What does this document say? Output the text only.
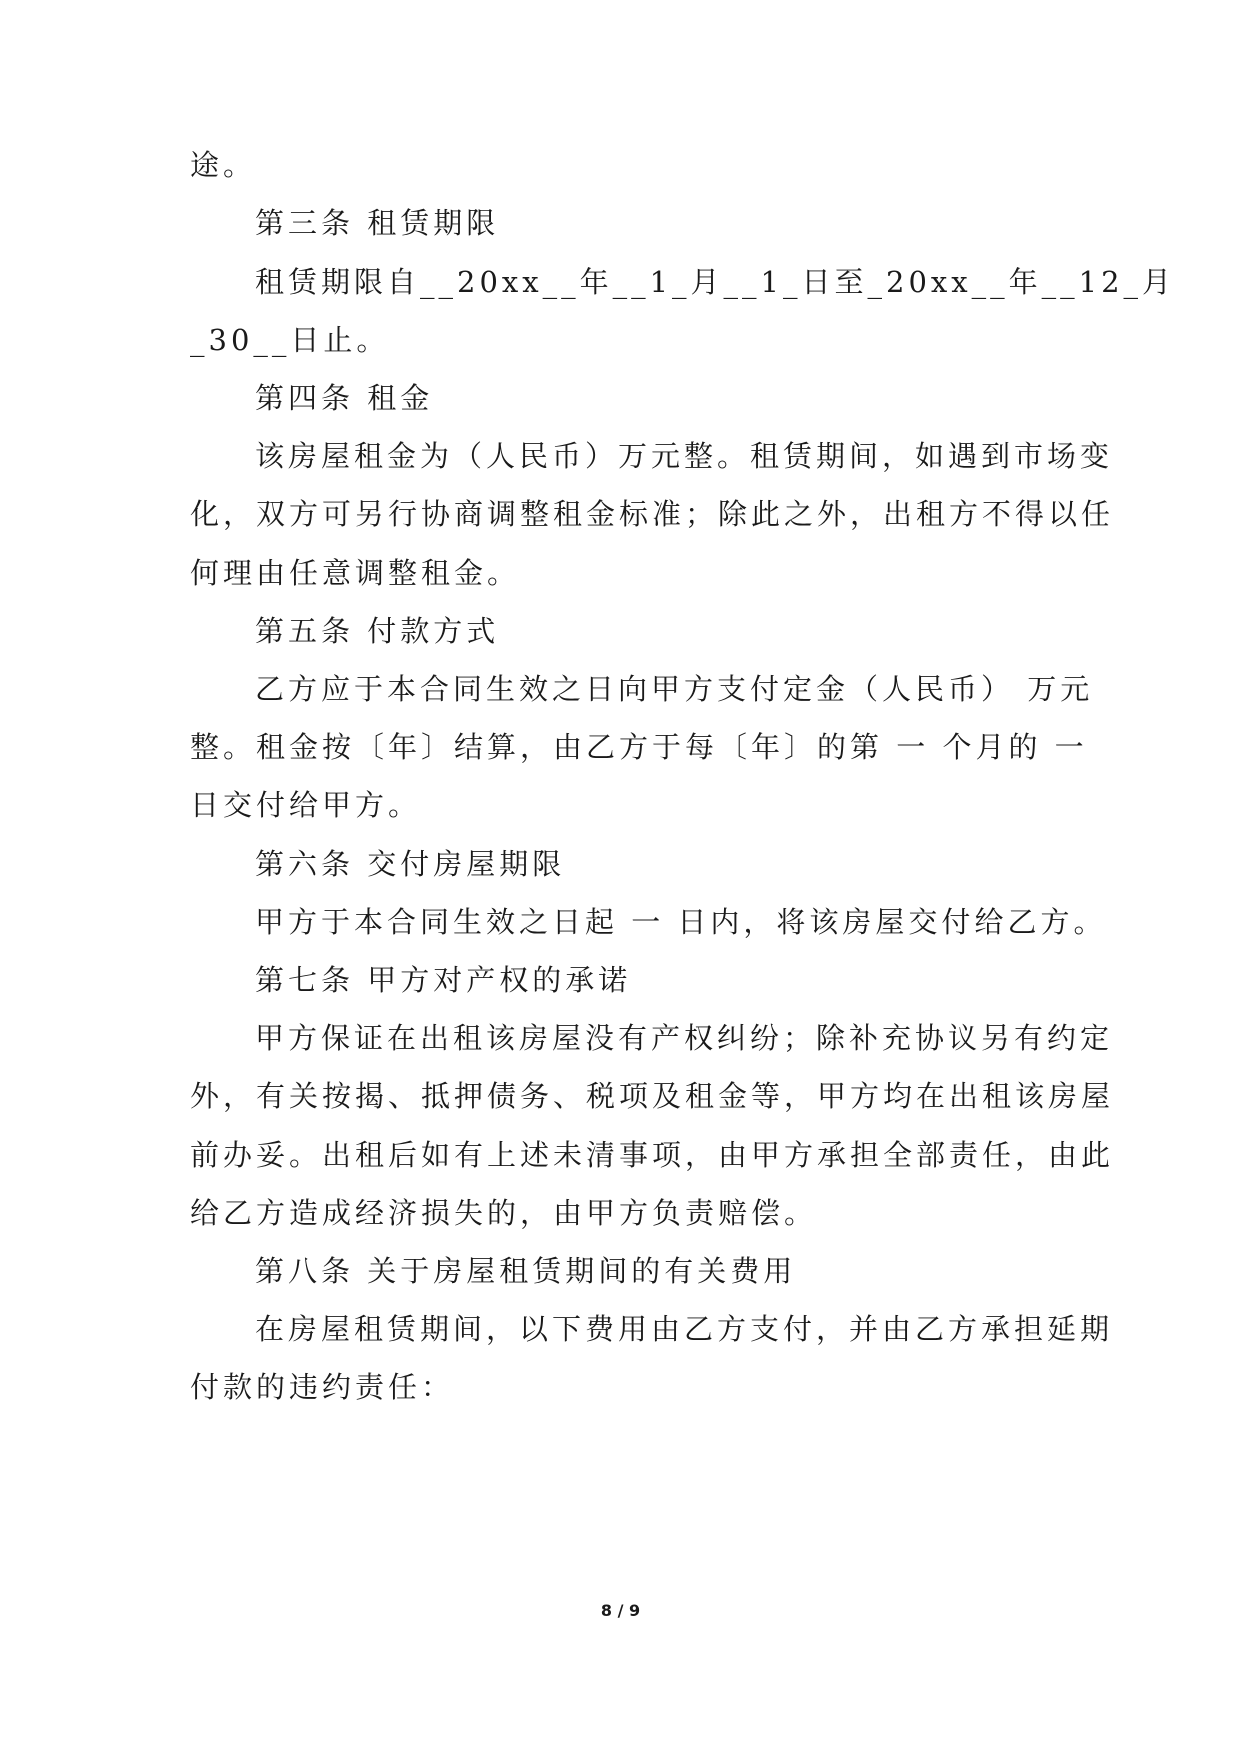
途。
第三条 租赁期限
租赁期限自__20xx__年__1_月__1_日至_20xx__年__12_月
_30__日止。
第四条 租金
该房屋租金为（人民币）万元整。租赁期间，如遇到市场变
化，双方可另行协商调整租金标准；除此之外，出租方不得以任
何理由任意调整租金。
第五条 付款方式
乙方应于本合同生效之日向甲方支付定金（人民币） 万元
整。租金按〔年〕结算，由乙方于每〔年〕的第 一 个月的 一
日交付给甲方。
第六条 交付房屋期限
甲方于本合同生效之日起 一 日内，将该房屋交付给乙方。
第七条 甲方对产权的承诺
甲方保证在出租该房屋没有产权纠纷；除补充协议另有约定
外，有关按揭、抵押债务、税项及租金等，甲方均在出租该房屋
前办妥。出租后如有上述未清事项，由甲方承担全部责任，由此
给乙方造成经济损失的，由甲方负责赔偿。
第八条 关于房屋租赁期间的有关费用
在房屋租赁期间，以下费用由乙方支付，并由乙方承担延期
付款的违约责任：
8 / 9
